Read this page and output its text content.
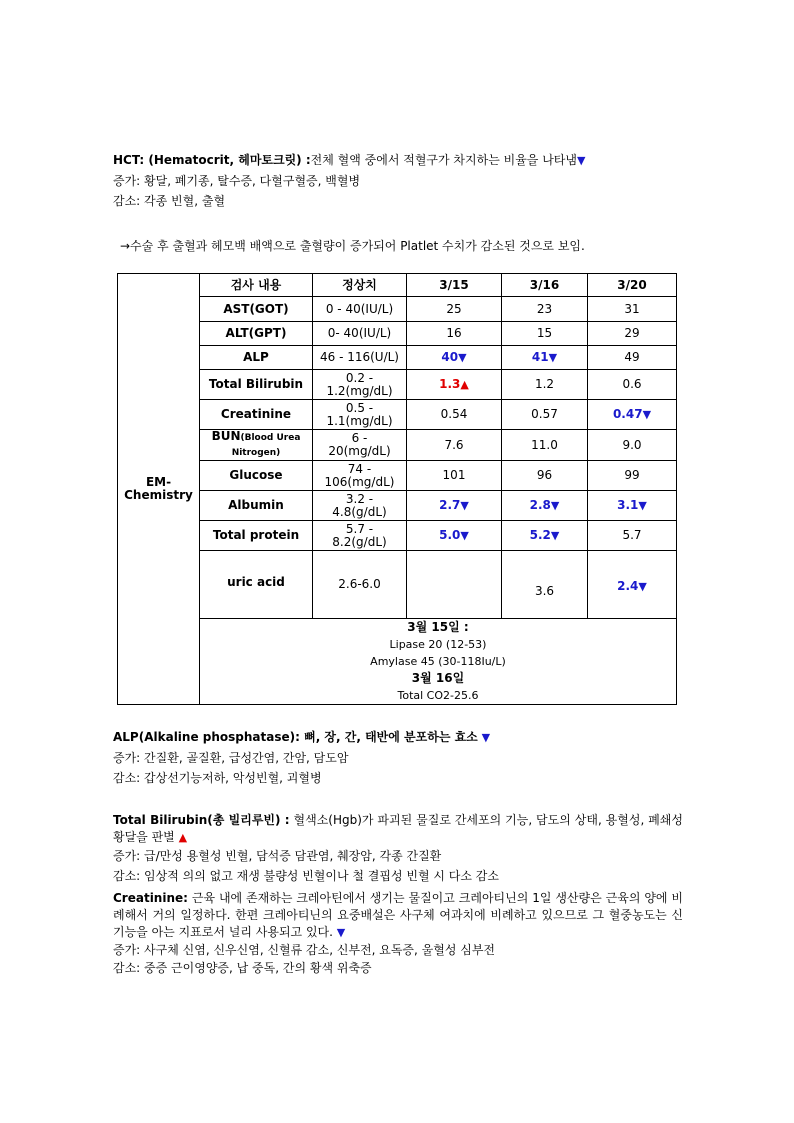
HCT: (Hematocrit, 헤마토크릿) :전체 혈액 중에서 적혈구가 차지하는 비율을 나타냄▼
증가: 황달, 폐기종, 탈수증, 다혈구혈증, 백혈병
감소: 각종 빈혈, 출혈
→수술 후 출혈과 헤모백 배액으로 출혈량이 증가되어 Platlet 수치가 감소된 것으로 보임.
EM-
Chemistry	검사 내용	정상치	3/15	3/16	3/20
	AST(GOT)	0 - 40(IU/L)	25	23	31
	ALT(GPT)	0- 40(IU/L)	16	15	29
	ALP	46 - 116(U/L)	40▼	41▼	49
	Total Bilirubin	0.2 -
1.2(mg/dL)	1.3▲	1.2	0.6
	Creatinine	0.5 -
1.1(mg/dL)	0.54	0.57	0.47▼
	BUN(Blood Urea Nitrogen)	6 -
20(mg/dL)	7.6	11.0	9.0
	Glucose	74 -
106(mg/dL)	101	96	99
	Albumin	3.2 -
4.8(g/dL)	2.7▼	2.8▼	3.1▼
	Total protein	5.7 -
8.2(g/dL)	5.0▼	5.2▼	5.7
	uric acid	2.6-6.0		3.6	2.4▼

	3월 15일 :
Lipase 20 (12-53)
Amylase 45 (30-118Iu/L)
3월 16일
Total CO2-25.6				
ALP(Alkaline phosphatase): 뼈, 장, 간, 태반에 분포하는 효소 ▼
증가: 간질환, 골질환, 급성간염, 간암, 담도암
감소: 갑상선기능저하, 악성빈혈, 괴혈병
Total Bilirubin(총 빌리루빈) : 혈색소(Hgb)가 파괴된 물질로 간세포의 기능, 담도의 상태, 용혈성, 폐쇄성 황달을 판별 ▲
증가: 급/만성 용혈성 빈혈, 담석증 담관염, 췌장암, 각종 간질환
감소: 임상적 의의 없고 재생 불량성 빈혈이나 철 결핍성 빈혈 시 다소 감소
Creatinine: 근육 내에 존재하는 크레아틴에서 생기는 물질이고 크레아티닌의 1일 생산량은 근육의 양에 비례해서 거의 일정하다. 한편 크레아티닌의 요중배설은 사구체 여과치에 비례하고 있으므로 그 혈중농도는 신기능을 아는 지표로서 널리 사용되고 있다. ▼
증가: 사구체 신염, 신우신염, 신혈류 감소, 신부전, 요독증, 울혈성 심부전
감소: 중증 근이영양증, 납 중독, 간의 황색 위축증
